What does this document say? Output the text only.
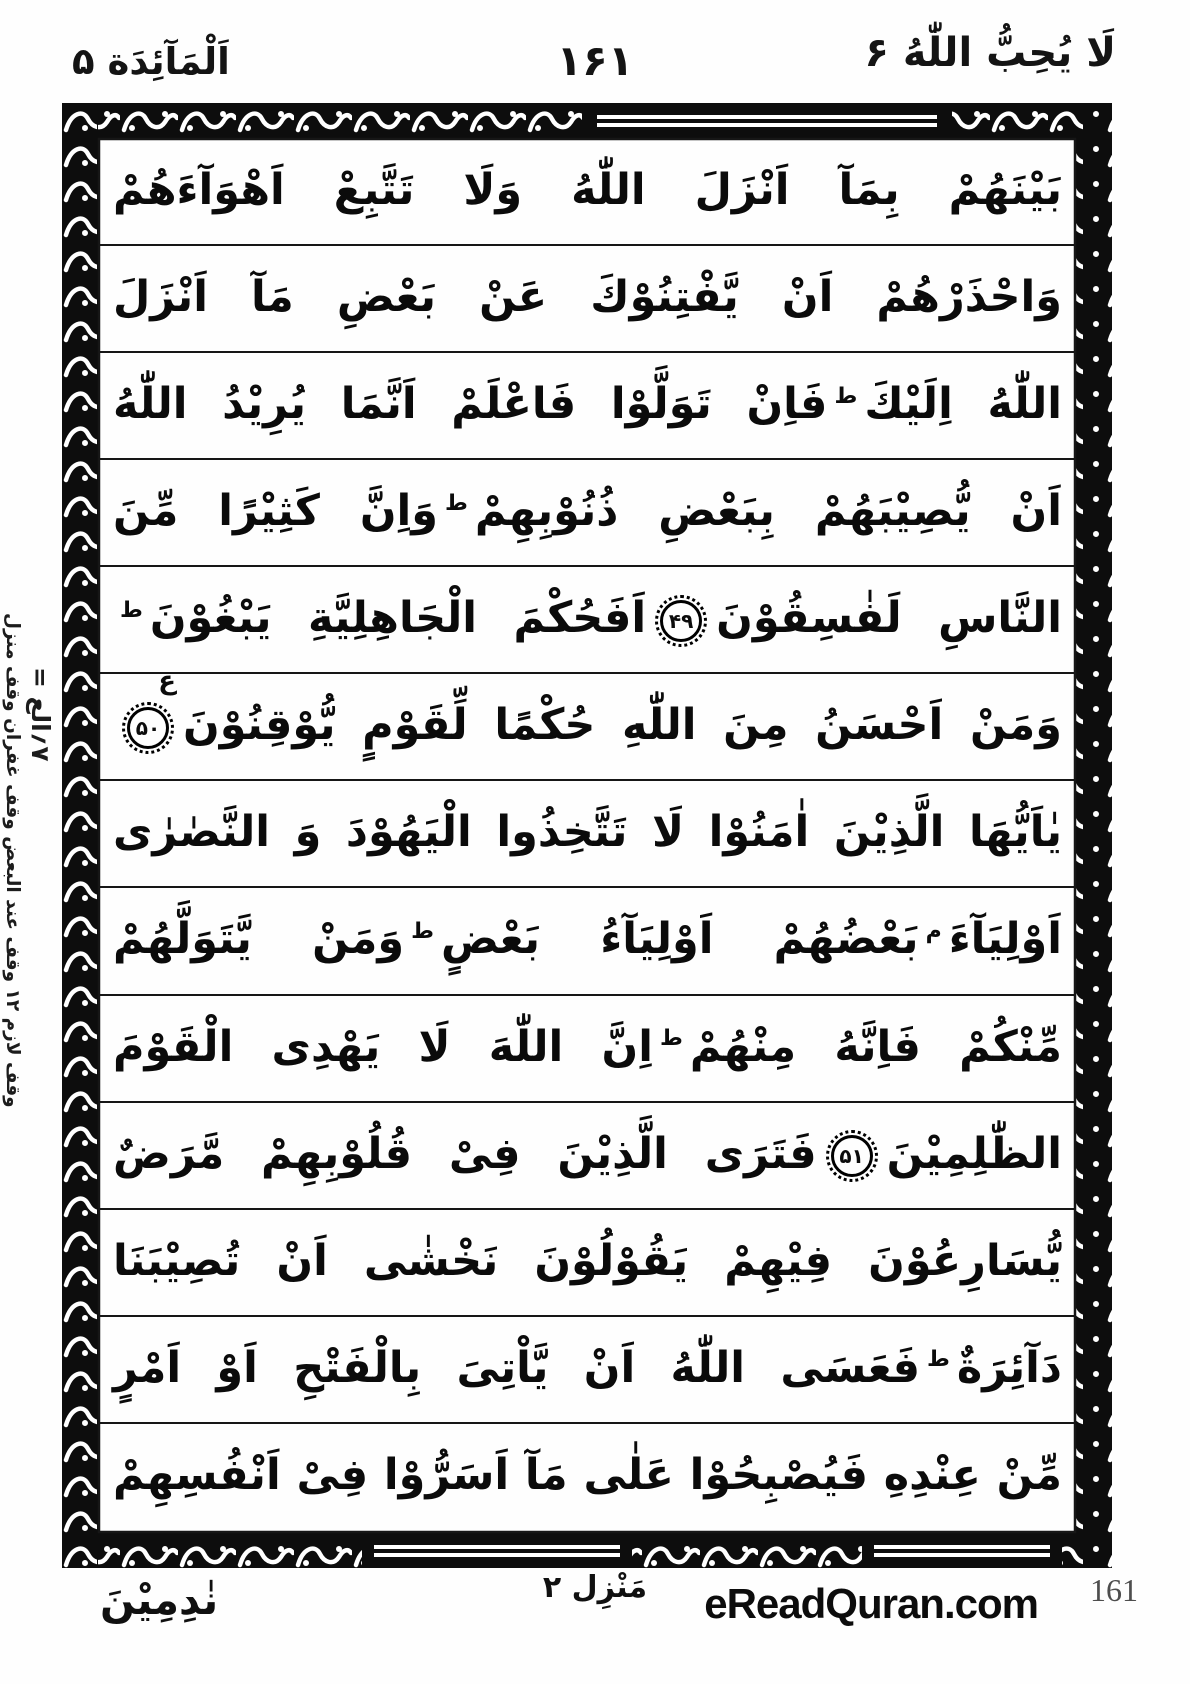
اَلْمَآئِدَة ۵	۱۶۱	لَا يُحِبُّ اللّٰهُ ۶
بَيْنَهُمْ بِمَآ اَنْزَلَ اللّٰهُ وَلَا تَتَّبِعْ اَهْوَآءَهُمْ
وَاحْذَرْهُمْ اَنْ يَّفْتِنُوْكَ عَنْ بَعْضِ مَآ اَنْزَلَ
اللّٰهُ اِلَيْكَطفَاِنْ تَوَلَّوْا فَاعْلَمْ اَنَّمَا يُرِيْدُ اللّٰهُ
اَنْ يُّصِيْبَهُمْ بِبَعْضِ ذُنُوْبِهِمْطوَاِنَّ كَثِيْرًا مِّنَ
النَّاسِ لَفٰسِقُوْنَ
۴۹
اَفَحُكْمَ الْجَاهِلِيَّةِ يَبْغُوْنَط
وَمَنْ اَحْسَنُ مِنَ اللّٰهِ حُكْمًا لِّقَوْمٍ يُّوْقِنُوْنَ
۵۰
ع
يٰاَيُّهَا الَّذِيْنَ اٰمَنُوْا لَا تَتَّخِذُوا الْيَهُوْدَ وَ النَّصٰرٰى
اَوْلِيَآءَمبَعْضُهُمْ اَوْلِيَآءُ بَعْضٍطوَمَنْ يَّتَوَلَّهُمْ
مِّنْكُمْ فَاِنَّهُ مِنْهُمْطاِنَّ اللّٰهَ لَا يَهْدِى الْقَوْمَ
الظّٰلِمِيْنَ
۵۱
فَتَرَى الَّذِيْنَ فِىْ قُلُوْبِهِمْ مَّرَضٌ
يُّسَارِعُوْنَ فِيْهِمْ يَقُوْلُوْنَ نَخْشٰى اَنْ تُصِيْبَنَا
دَآئِرَةٌطفَعَسَى اللّٰهُ اَنْ يَّاْتِىَ بِالْفَتْحِ اَوْ اَمْرٍ
مِّنْ عِنْدِهِ فَيُصْبِحُوْا عَلٰى مَآ اَسَرُّوْا فِىْ اَنْفُسِهِمْ
۷؍الع =
وقف لازم ۱۲ وقف عند البعض وقف غفران وقف منزل
نٰدِمِيْنَ	مَنْزِل ۲ eReadQuran.com 161
